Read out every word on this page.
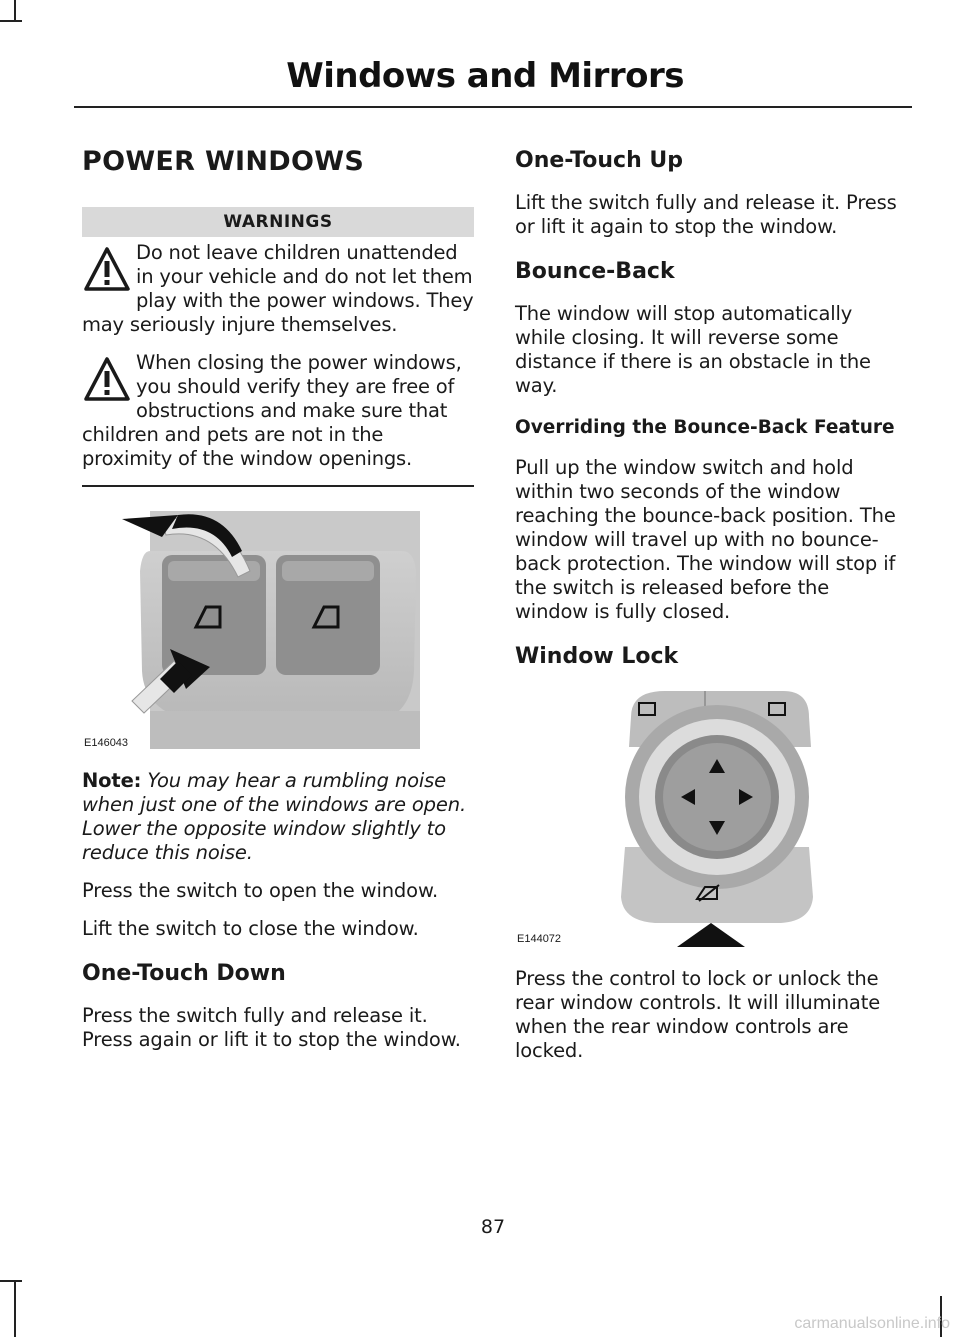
Windows and Mirrors
POWER WINDOWS
WARNINGS
Do not leave children unattended in your vehicle and do not let them play with the power windows. They may seriously injure themselves.
When closing the power windows, you should verify they are free of obstructions and make sure that children and pets are not in the proximity of the window openings.
E146043

Note: You may hear a rumbling noise when just one of the windows are open. Lower the opposite window slightly to reduce this noise.

Press the switch to open the window.

Lift the switch to close the window.

One-Touch Down

Press the switch fully and release it. Press again or lift it to stop the window.

One-Touch Up

Lift the switch fully and release it. Press or lift it again to stop the window.

Bounce-Back

The window will stop automatically while closing. It will reverse some distance if there is an obstacle in the way.

Overriding the Bounce-Back Feature

Pull up the window switch and hold within two seconds of the window reaching the bounce-back position. The window will travel up with no bounce-back protection. The window will stop if the switch is released before the window is fully closed.

Window Lock
E144072

Press the control to lock or unlock the rear window controls. It will illuminate when the rear window controls are locked.

87
carmanualsonline.info
